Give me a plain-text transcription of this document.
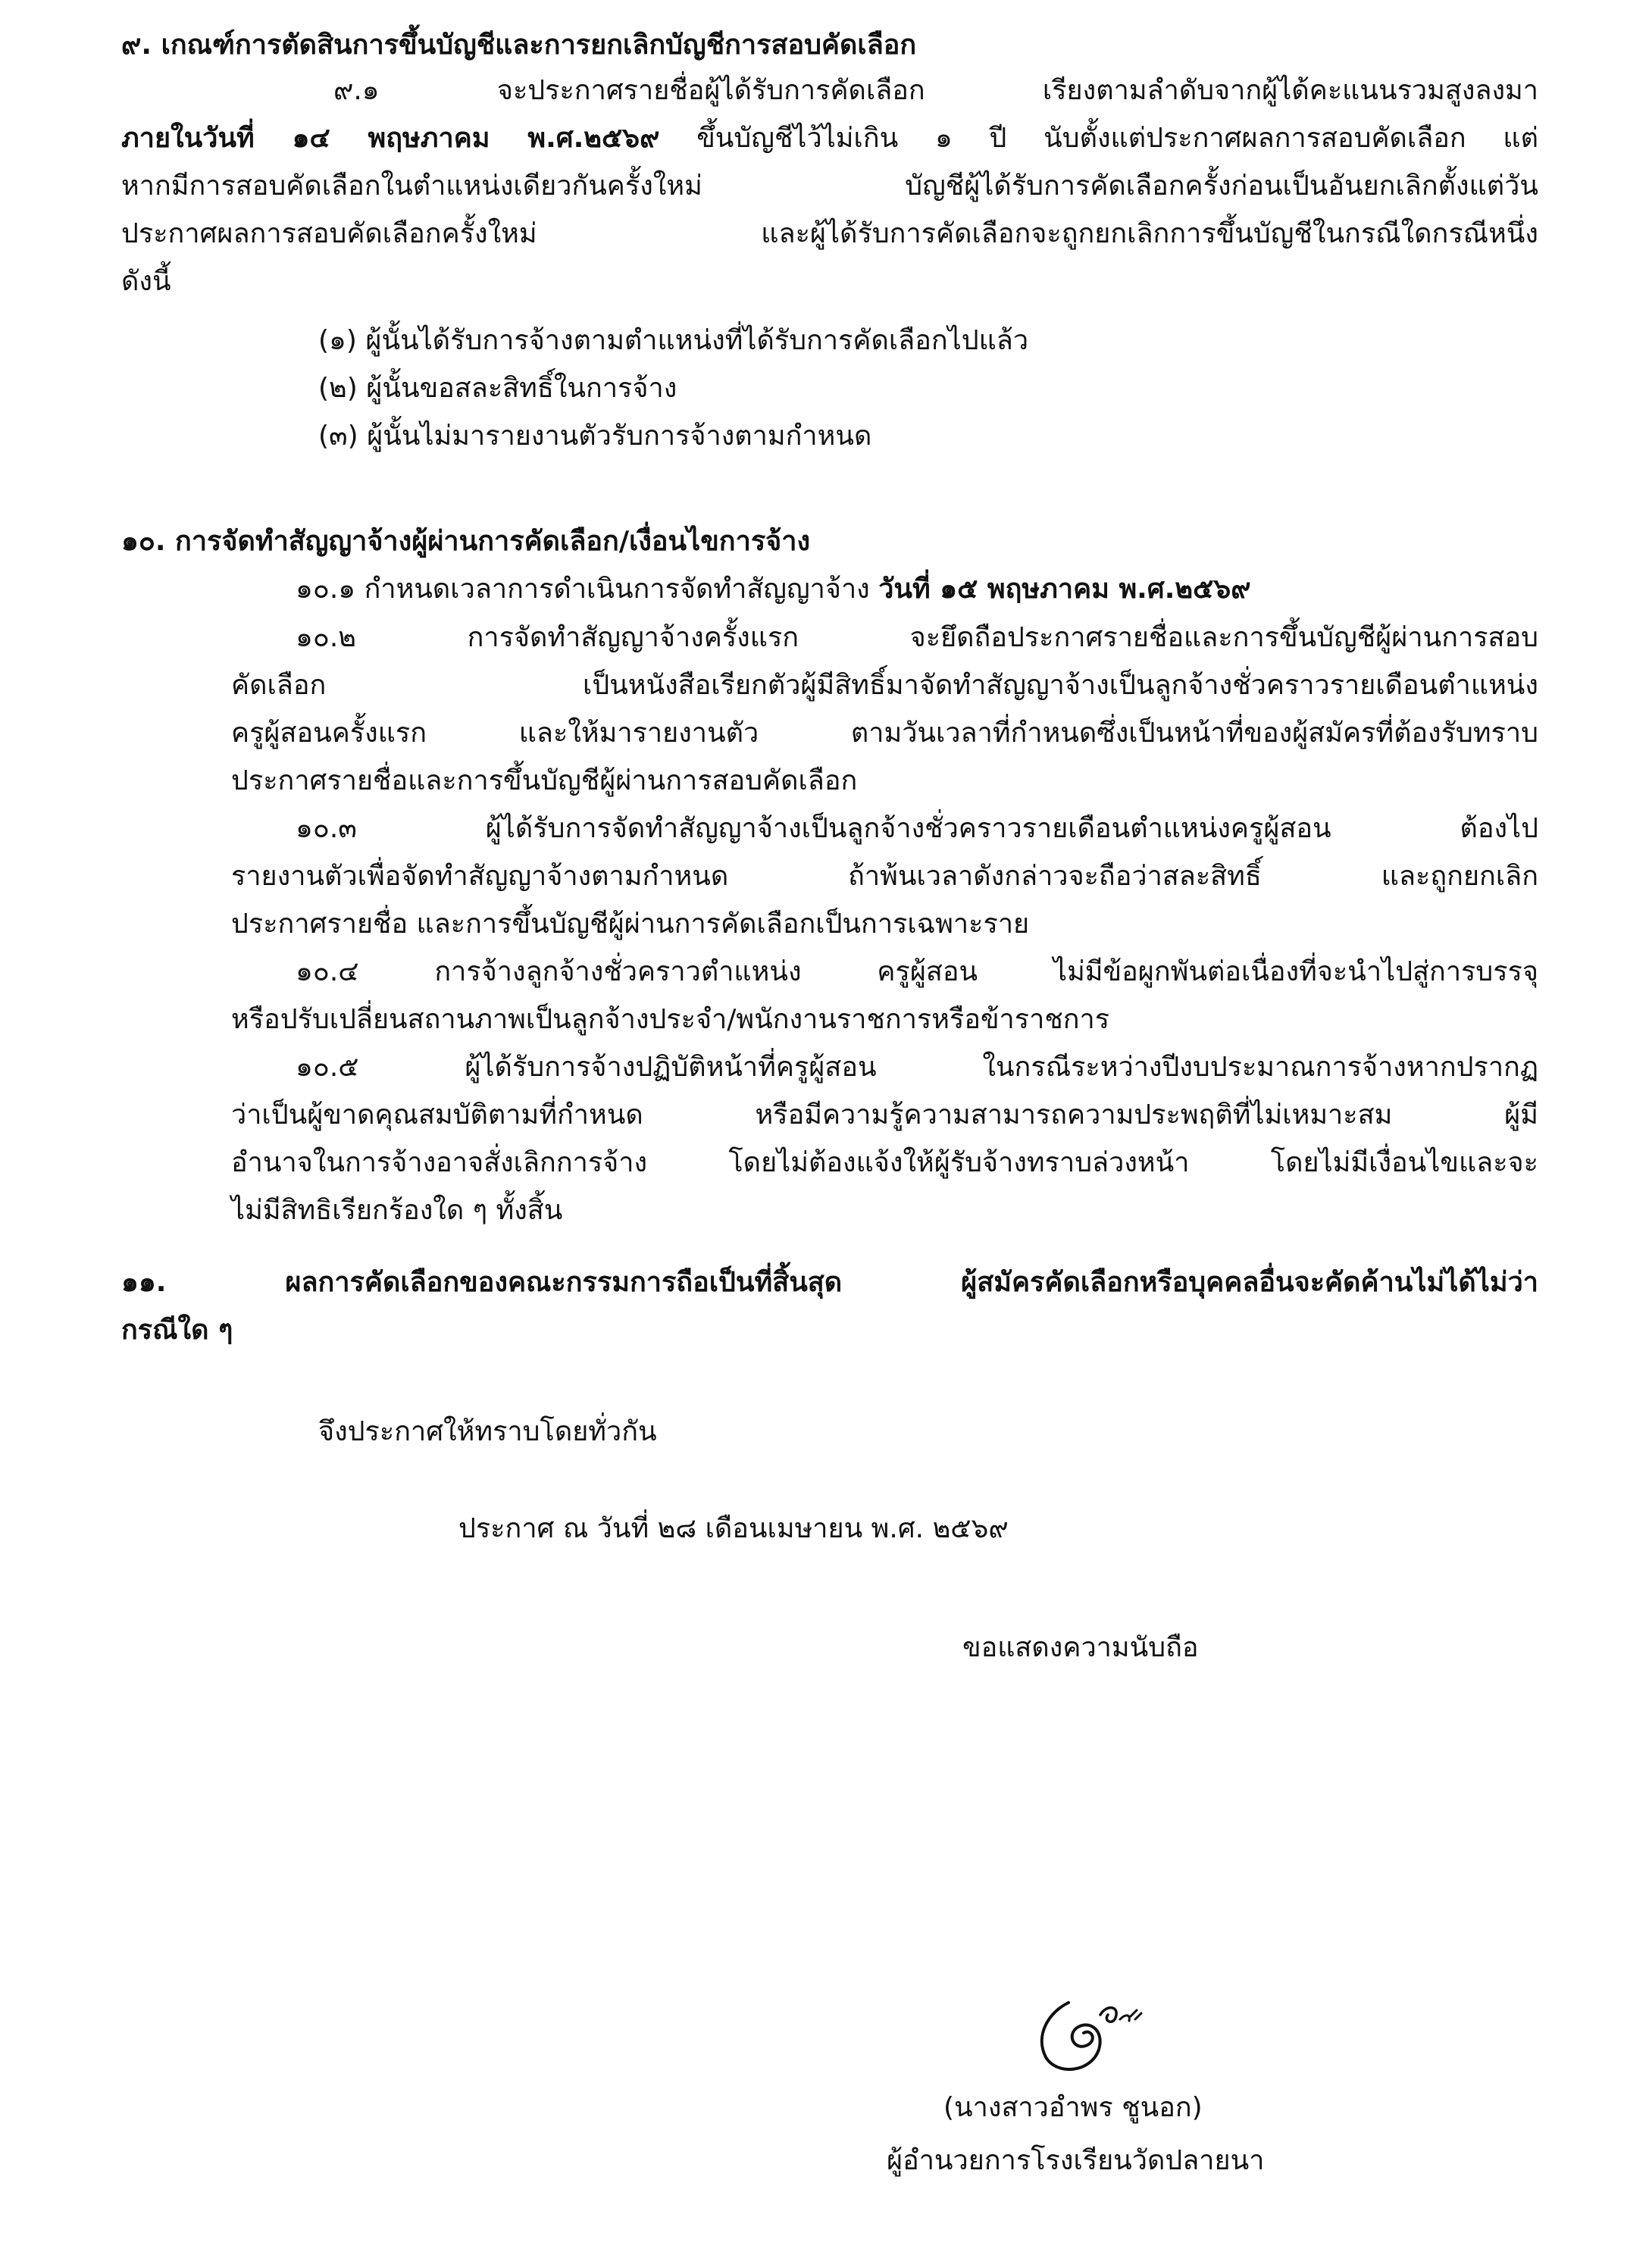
๙. เกณฑ์การตัดสินการขึ้นบัญชีและการยกเลิกบัญชีการสอบคัดเลือก
๙.๑ จะประกาศรายชื่อผู้ได้รับการคัดเลือก เรียงตามลำดับจากผู้ได้คะแนนรวมสูงลงมา
ภายในวันที่ ๑๔ พฤษภาคม พ.ศ.๒๕๖๙ ขึ้นบัญชีไว้ไม่เกิน ๑ ปี นับตั้งแต่ประกาศผลการสอบคัดเลือก แต่
หากมีการสอบคัดเลือกในตำแหน่งเดียวกันครั้งใหม่ บัญชีผู้ได้รับการคัดเลือกครั้งก่อนเป็นอันยกเลิกตั้งแต่วัน
ประกาศผลการสอบคัดเลือกครั้งใหม่ และผู้ได้รับการคัดเลือกจะถูกยกเลิกการขึ้นบัญชีในกรณีใดกรณีหนึ่ง
ดังนี้
(๑) ผู้นั้นได้รับการจ้างตามตำแหน่งที่ได้รับการคัดเลือกไปแล้ว
(๒) ผู้นั้นขอสละสิทธิ์ในการจ้าง
(๓) ผู้นั้นไม่มารายงานตัวรับการจ้างตามกำหนด
๑๐. การจัดทำสัญญาจ้างผู้ผ่านการคัดเลือก/เงื่อนไขการจ้าง
๑๐.๑ กำหนดเวลาการดำเนินการจัดทำสัญญาจ้าง วันที่ ๑๕ พฤษภาคม พ.ศ.๒๕๖๙
๑๐.๒ การจัดทำสัญญาจ้างครั้งแรก จะยึดถือประกาศรายชื่อและการขึ้นบัญชีผู้ผ่านการสอบ
คัดเลือก เป็นหนังสือเรียกตัวผู้มีสิทธิ์มาจัดทำสัญญาจ้างเป็นลูกจ้างชั่วคราวรายเดือนตำแหน่ง
ครูผู้สอนครั้งแรก และให้มารายงานตัว ตามวันเวลาที่กำหนดซึ่งเป็นหน้าที่ของผู้สมัครที่ต้องรับทราบ
ประกาศรายชื่อและการขึ้นบัญชีผู้ผ่านการสอบคัดเลือก
๑๐.๓ ผู้ได้รับการจัดทำสัญญาจ้างเป็นลูกจ้างชั่วคราวรายเดือนตำแหน่งครูผู้สอน ต้องไป
รายงานตัวเพื่อจัดทำสัญญาจ้างตามกำหนด ถ้าพ้นเวลาดังกล่าวจะถือว่าสละสิทธิ์ และถูกยกเลิก
ประกาศรายชื่อ และการขึ้นบัญชีผู้ผ่านการคัดเลือกเป็นการเฉพาะราย
๑๐.๔ การจ้างลูกจ้างชั่วคราวตำแหน่ง ครูผู้สอน ไม่มีข้อผูกพันต่อเนื่องที่จะนำไปสู่การบรรจุ
หรือปรับเปลี่ยนสถานภาพเป็นลูกจ้างประจำ/พนักงานราชการหรือข้าราชการ
๑๐.๕ ผู้ได้รับการจ้างปฏิบัติหน้าที่ครูผู้สอน ในกรณีระหว่างปีงบประมาณการจ้างหากปรากฏ
ว่าเป็นผู้ขาดคุณสมบัติตามที่กำหนด หรือมีความรู้ความสามารถความประพฤติที่ไม่เหมาะสม ผู้มี
อำนาจในการจ้างอาจสั่งเลิกการจ้าง โดยไม่ต้องแจ้งให้ผู้รับจ้างทราบล่วงหน้า โดยไม่มีเงื่อนไขและจะ
ไม่มีสิทธิเรียกร้องใด ๆ ทั้งสิ้น
๑๑. ผลการคัดเลือกของคณะกรรมการถือเป็นที่สิ้นสุด ผู้สมัครคัดเลือกหรือบุคคลอื่นจะคัดค้านไม่ได้ไม่ว่า
กรณีใด ๆ
จึงประกาศให้ทราบโดยทั่วกัน
ประกาศ ณ วันที่ ๒๘ เดือนเมษายน พ.ศ. ๒๕๖๙
ขอแสดงความนับถือ
(นางสาวอำพร ชูนอก)
ผู้อำนวยการโรงเรียนวัดปลายนา
